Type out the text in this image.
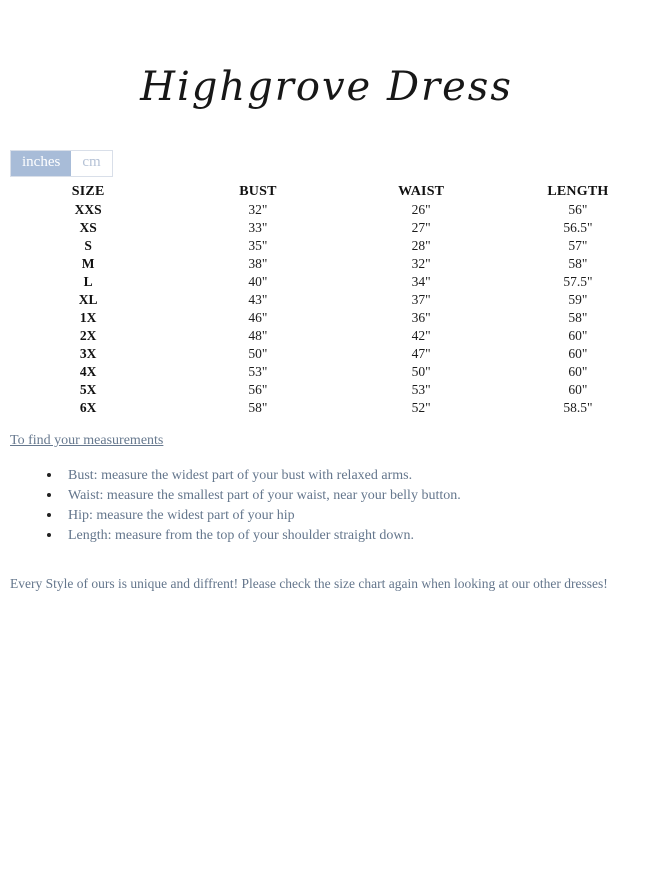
Highgrove Dress
inches	cm
SIZE	BUST	WAIST	LENGTH
XXS	32"	26"	56"
XS	33"	27"	56.5"
S	35"	28"	57"
M	38"	32"	58"
L	40"	34"	57.5"
XL	43"	37"	59"
1X	46"	36"	58"
2X	48"	42"	60"
3X	50"	47"	60"
4X	53"	50"	60"
5X	56"	53"	60"
6X	58"	52"	58.5"
To find your measurements
• Bust: measure the widest part of your bust with relaxed arms.
• Waist: measure the smallest part of your waist, near your belly button.
• Hip: measure the widest part of your hip
• Length: measure from the top of your shoulder straight down.

Every Style of ours is unique and diffrent! Please check the size chart again when looking at our other dresses!
